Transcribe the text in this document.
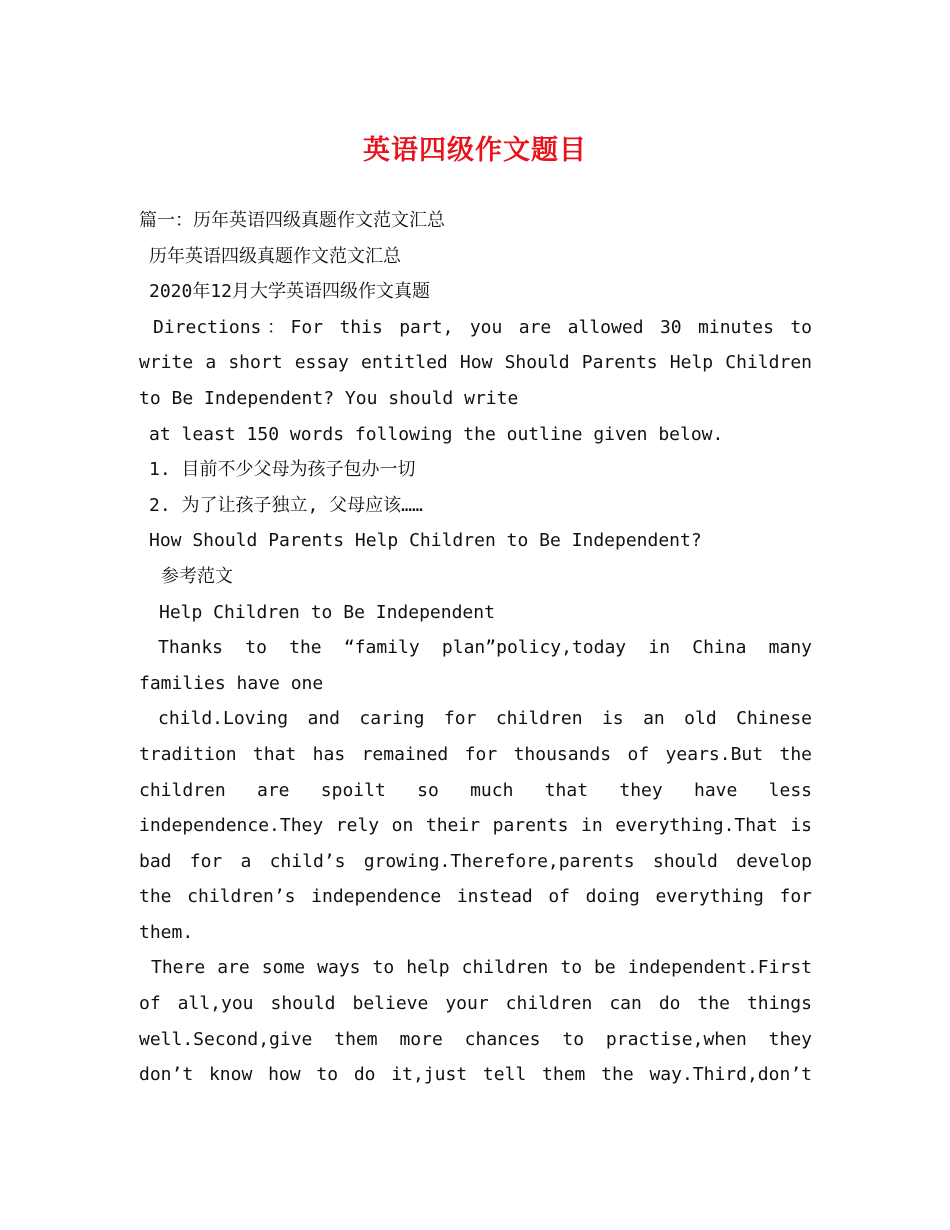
英语四级作文题目
篇一：历年英语四级真题作文范文汇总
历年英语四级真题作文范文汇总
2020年12月大学英语四级作文真题
Directions：For this part, you are allowed 30 minutes to
write a short essay entitled How Should Parents Help Children
to Be Independent? You should write
at least 150 words following the outline given below.
1. 目前不少父母为孩子包办一切
2. 为了让孩子独立, 父母应该……
How Should Parents Help Children to Be Independent?
参考范文
Help Children to Be Independent
Thanks to the “family plan”policy,today in China many
families have one
child.Loving and caring for children is an old Chinese
tradition that has remained for thousands of years.But the
children are spoilt so much that they have less
independence.They rely on their parents in everything.That is
bad for a child’s growing.Therefore,parents should develop
the children’s independence instead of doing everything for
them.
There are some ways to help children to be independent.First
of all,you should believe your children can do the things
well.Second,give them more chances to practise,when they
don’t know how to do it,just tell them the way.Third,don’t
